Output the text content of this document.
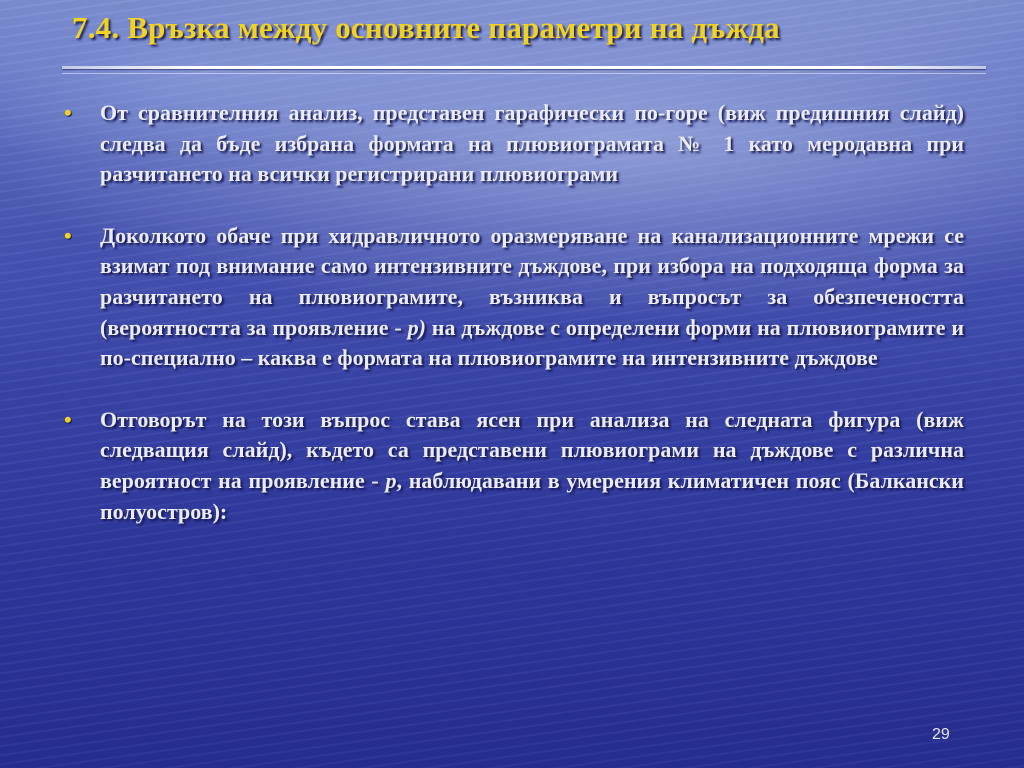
7.4. Връзка между основните параметри на дъжда
• От сравнителния анализ, представен гарафически по-горе (виж предишния слайд) следва да бъде избрана формата на плювиограмата № 1 като меродавна при разчитането на всички регистрирани плювиограми
• Доколкото обаче при хидравличното оразмеряване на канализационните мрежи се взимат под внимание само интензивните дъждове, при избора на подходяща форма за разчитането на плювиограмите, възниква и въпросът за обезпечеността (вероятността за проявление - p) на дъждове с определени форми на плювиограмите и по-специално – каква е формата на плювиограмите на интензивните дъждове
• Отговорът на този въпрос става ясен при анализа на следната фигура (виж следващия слайд), където са представени плювиограми на дъждове с различна вероятност на проявление - p, наблюдавани в умерения климатичен пояс (Балкански полуостров):
29
